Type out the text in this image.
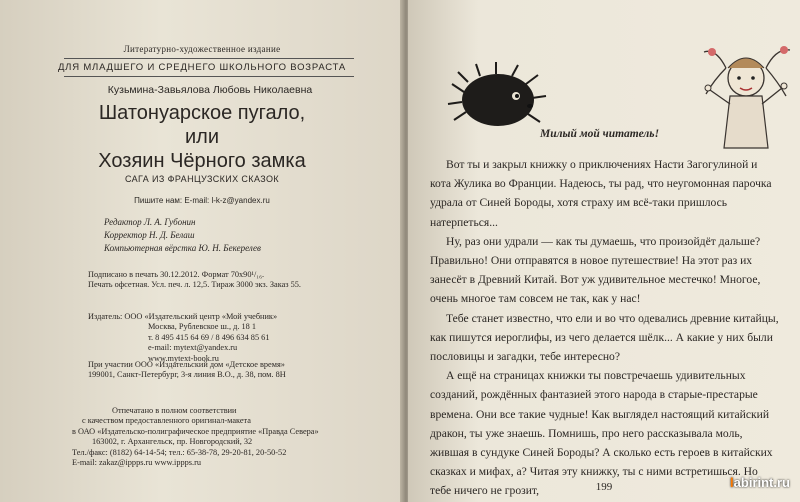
Литературно-художественное издание
ДЛЯ МЛАДШЕГО И СРЕДНЕГО ШКОЛЬНОГО ВОЗРАСТА
Кузьмина-Завьялова Любовь Николаевна
Шатонуарское пугало,
или
Хозяин Чёрного замка
САГА ИЗ ФРАНЦУЗСКИХ СКАЗОК
Пишите нам: E-mail: l-k-z@yandex.ru
Редактор Л. А. Губонин
Корректор Н. Д. Белаш
Компьютерная вёрстка Ю. Н. Бекерелев
Подписано в печать 30.12.2012. Формат 70x90¹/₁₆.
Печать офсетная. Усл. печ. л. 12,5. Тираж 3000 экз. Заказ 55.
Издатель: ООО «Издательский центр «Мой учебник»
Москва, Рублевское ш., д. 18 1
т. 8 495 415 64 69 / 8 496 634 85 61
e-mail: mytext@yandex.ru
www.mytext-book.ru
При участии ООО «Издательский дом «Детское время»
199001, Санкт-Петербург, 3-я линия В.О., д. 38, пом. 8Н
Отпечатано в полном соответствии
с качеством предоставленного оригинал-макета
в ОАО «Издательско-полиграфическое предприятие «Правда Севера»
163002, г. Архангельск, пр. Новгородский, 32
Тел./факс: (8182) 64-14-54; тел.: 65-38-78, 29-20-81, 20-50-52
E-mail: zakaz@ippps.ru www.ippps.ru
Милый мой читатель!

Вот ты и закрыл книжку о приключениях Насти Загогулиной и кота Жулика во Франции. Надеюсь, ты рад, что неугомонная парочка удрала от Синей Бороды, хотя страху им всё-таки пришлось натерпеться...

Ну, раз они удрали — как ты думаешь, что произойдёт дальше? Правильно! Они отправятся в новое путешествие! На этот раз их занесёт в Древний Китай. Вот уж удивительное местечко! Многое, очень многое там совсем не так, как у нас!

Тебе станет известно, что ели и во что одевались древние китайцы, как пишутся иероглифы, из чего делается шёлк... А какие у них были пословицы и загадки, тебе интересно?

А ещё на страницах книжки ты повстречаешь удивительных созданий, рождённых фантазией этого народа в старые-престарые времена. Они все такие чудные! Как выглядел настоящий китайский дракон, ты уже знаешь. Помнишь, про него рассказывала моль, жившая в сундуке Синей Бороды? А сколько есть героев в китайских сказках и мифах, а? Читая эту книжку, ты с ними встретишься. Но тебе ничего не грозит,	199	labirint.ru
